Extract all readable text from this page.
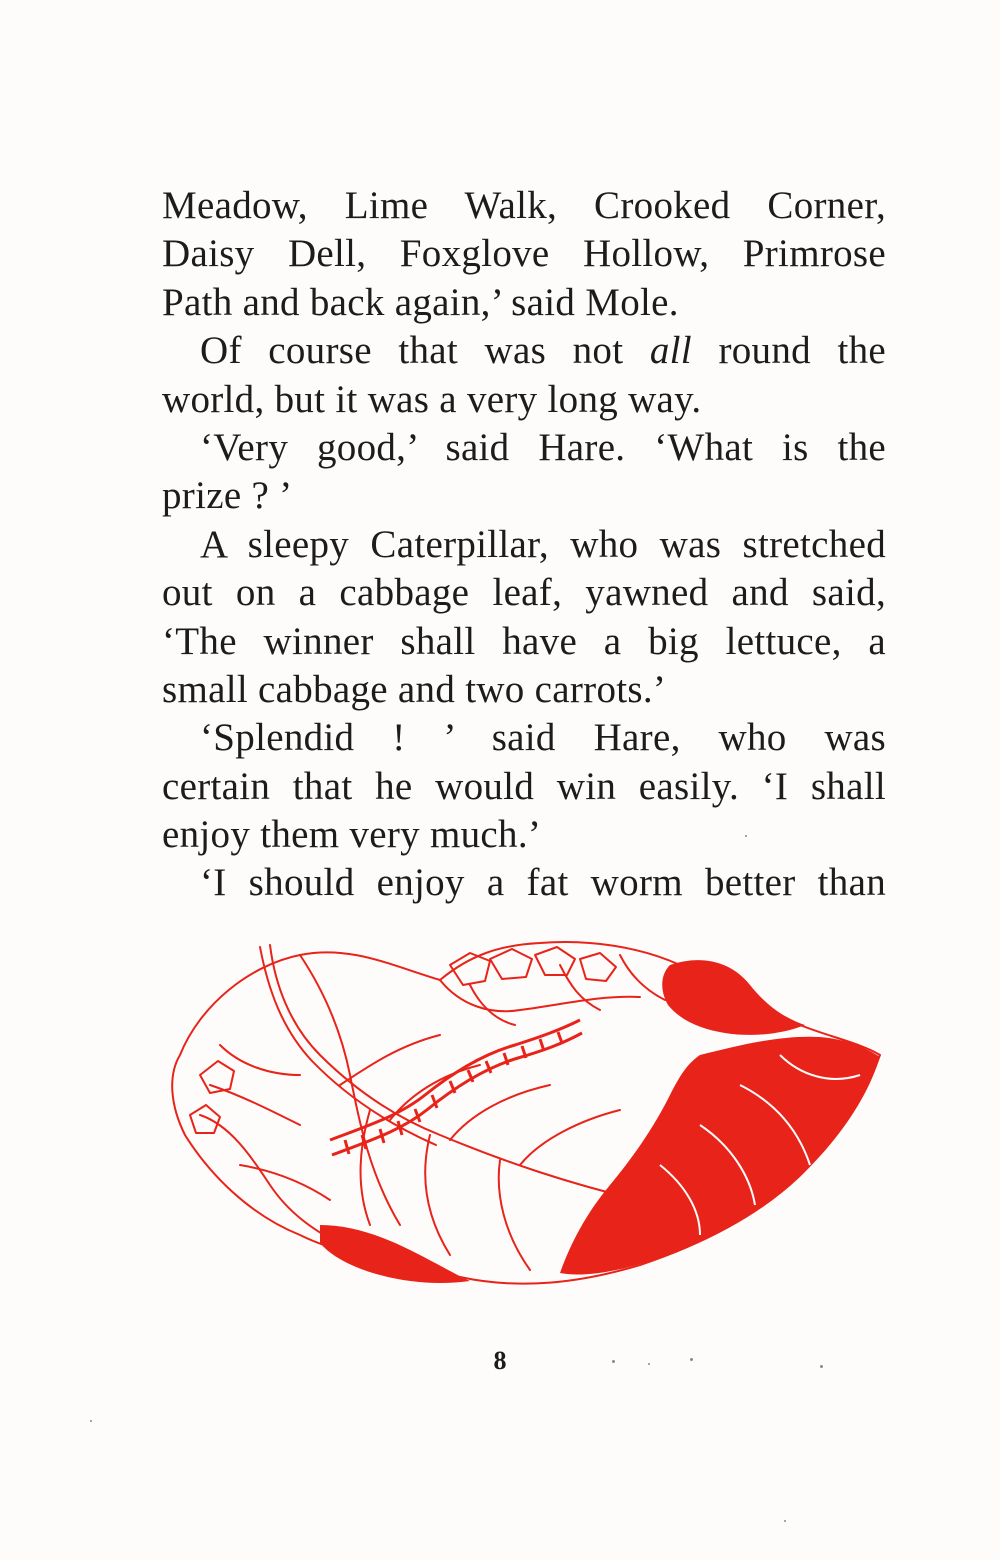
Meadow, Lime Walk, Crooked Corner,
Daisy Dell, Foxglove Hollow, Primrose
Path and back again,’ said Mole.
Of course that was not all round the
world, but it was a very long way.
‘Very good,’ said Hare. ‘What is the
prize ? ’
A sleepy Caterpillar, who was stretched
out on a cabbage leaf, yawned and said,
‘The winner shall have a big lettuce, a
small cabbage and two carrots.’
‘Splendid ! ’ said Hare, who was
certain that he would win easily. ‘I shall
enjoy them very much.’
‘I should enjoy a fat worm better than
8
